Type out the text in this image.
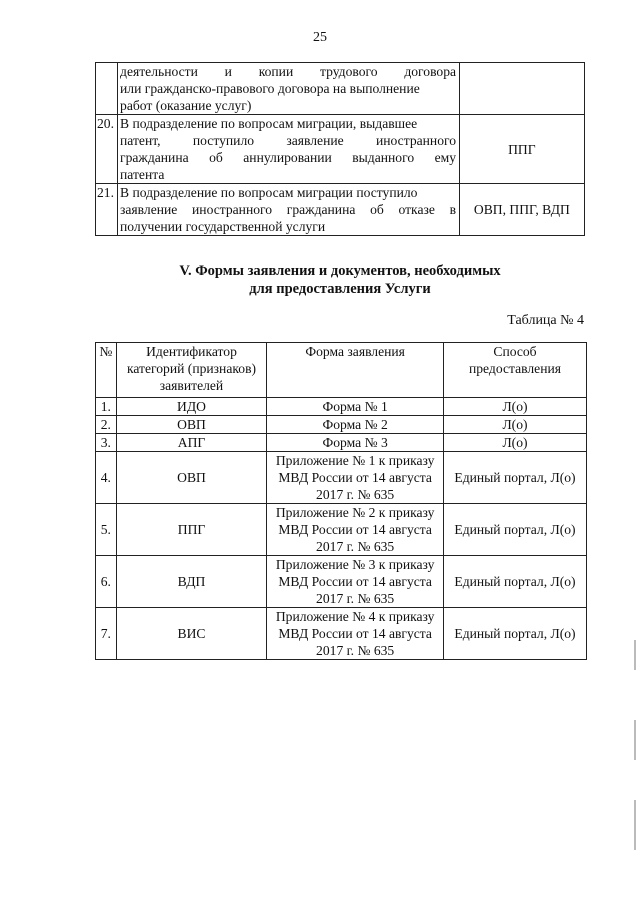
25

	деятельности и копии трудового договора
или гражданско-правового договора на выполнение
работ (оказание услуг)	

20.	В подразделение по вопросам миграции, выдавшее
патент, поступило заявление иностранного
гражданина об аннулировании выданного ему
патента	ППГ
21.	В подразделение по вопросам миграции поступило
заявление иностранного гражданина об отказе в
получении государственной услуги	ОВП, ППГ, ВДП
V. Формы заявления и документов, необходимых
для предоставления Услуги
Таблица № 4
№	Идентификатор категорий (признаков) заявителей	Форма заявления	Способ предоставления
1.	ИДО	Форма № 1	Л(о)
2.	ОВП	Форма № 2	Л(о)
3.	АПГ	Форма № 3	Л(о)
4.	ОВП	Приложение № 1 к приказу МВД России от 14 августа 2017 г. № 635	Единый портал, Л(о)
5.	ППГ	Приложение № 2 к приказу МВД России от 14 августа 2017 г. № 635	Единый портал, Л(о)
6.	ВДП	Приложение № 3 к приказу МВД России от 14 августа 2017 г. № 635	Единый портал, Л(о)
7.	ВИС	Приложение № 4 к приказу МВД России от 14 августа 2017 г. № 635	Единый портал, Л(о)
